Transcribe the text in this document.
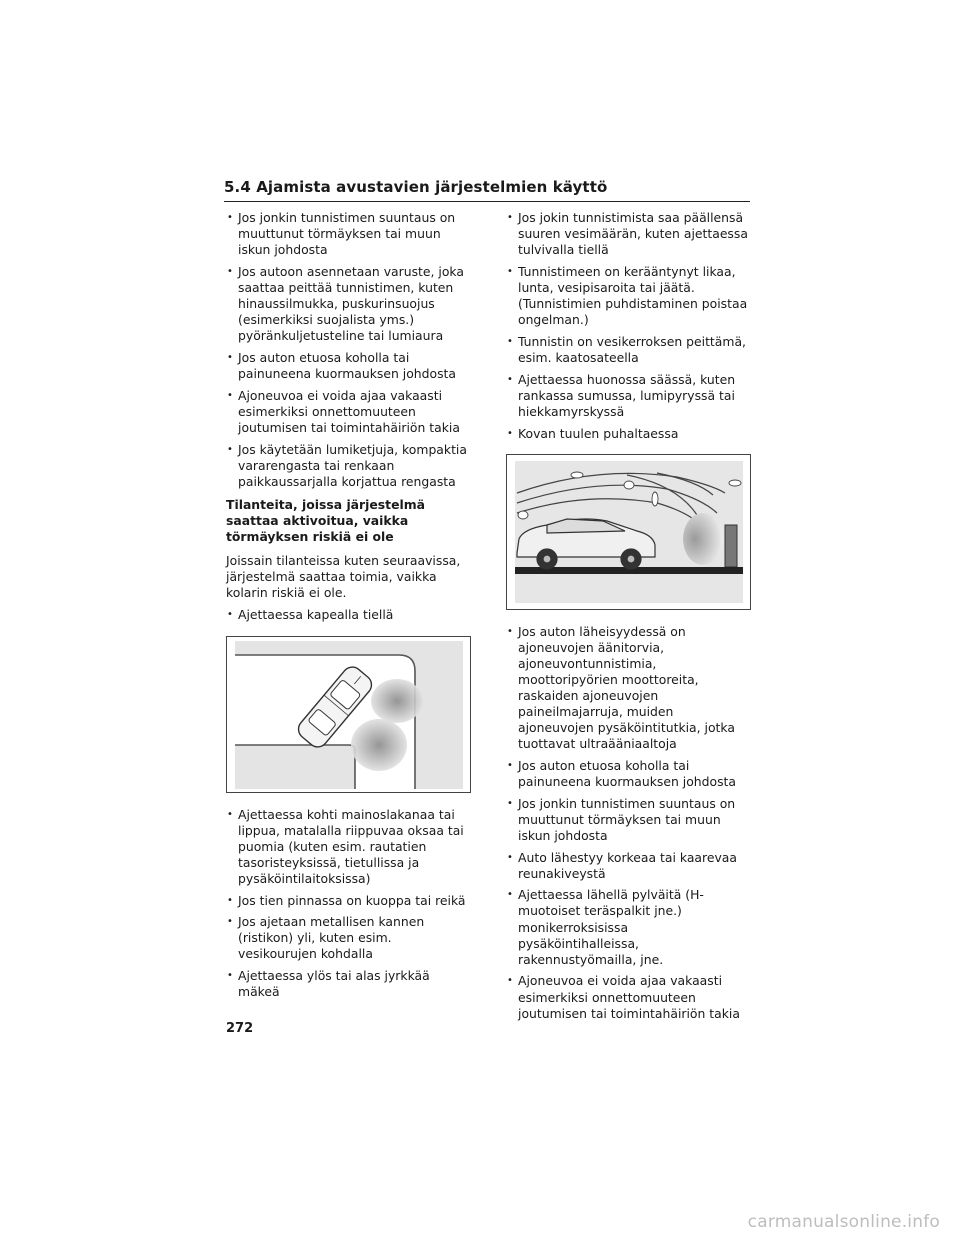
5.4 Ajamista avustavien järjestelmien käyttö
• Jos jonkin tunnistimen suuntaus on muuttunut törmäyksen tai muun iskun johdosta
• Jos autoon asennetaan varuste, joka saattaa peittää tunnistimen, kuten hinaussilmukka, puskurinsuojus (esimerkiksi suojalista yms.) pyöränkuljetusteline tai lumiaura
• Jos auton etuosa koholla tai painuneena kuormauksen johdosta
• Ajoneuvoa ei voida ajaa vakaasti esimerkiksi onnettomuuteen joutumisen tai toimintahäiriön takia
• Jos käytetään lumiketjuja, kompaktia vararengasta tai renkaan paikkaussarjalla korjattua rengasta
Tilanteita, joissa järjestelmä saattaa aktivoitua, vaikka törmäyksen riskiä ei ole

Joissain tilanteissa kuten seuraavissa, järjestelmä saattaa toimia, vaikka kolarin riskiä ei ole.

• Ajettaessa kapealla tiellä
• Ajettaessa kohti mainoslakanaa tai lippua, matalalla riippuvaa oksaa tai puomia (kuten esim. rautatien tasoristeyksissä, tietullissa ja pysäköintilaitoksissa)
• Jos tien pinnassa on kuoppa tai reikä
• Jos ajetaan metallisen kannen (ristikon) yli, kuten esim. vesikourujen kohdalla
• Ajettaessa ylös tai alas jyrkkää mäkeä
• Jos jokin tunnistimista saa päällensä suuren vesimäärän, kuten ajettaessa tulvivalla tiellä
• Tunnistimeen on kerääntynyt likaa, lunta, vesipisaroita tai jäätä. (Tunnistimien puhdistaminen poistaa ongelman.)
• Tunnistin on vesikerroksen peittämä, esim. kaatosateella
• Ajettaessa huonossa säässä, kuten rankassa sumussa, lumipyryssä tai hiekkamyrskyssä
• Kovan tuulen puhaltaessa
• Jos auton läheisyydessä on ajoneuvojen äänitorvia, ajoneuvontunnistimia, moottoripyörien moottoreita, raskaiden ajoneuvojen paineilmajarruja, muiden ajoneuvojen pysäköintitutkia, jotka tuottavat ultraääniaaltoja
• Jos auton etuosa koholla tai painuneena kuormauksen johdosta
• Jos jonkin tunnistimen suuntaus on muuttunut törmäyksen tai muun iskun johdosta
• Auto lähestyy korkeaa tai kaarevaa reunakiveystä
• Ajettaessa lähellä pylväitä (H-muotoiset teräspalkit jne.) monikerroksisissa pysäköintihalleissa, rakennustyömailla, jne.
• Ajoneuvoa ei voida ajaa vakaasti esimerkiksi onnettomuuteen joutumisen tai toimintahäiriön takia
272
carmanualsonline.info
